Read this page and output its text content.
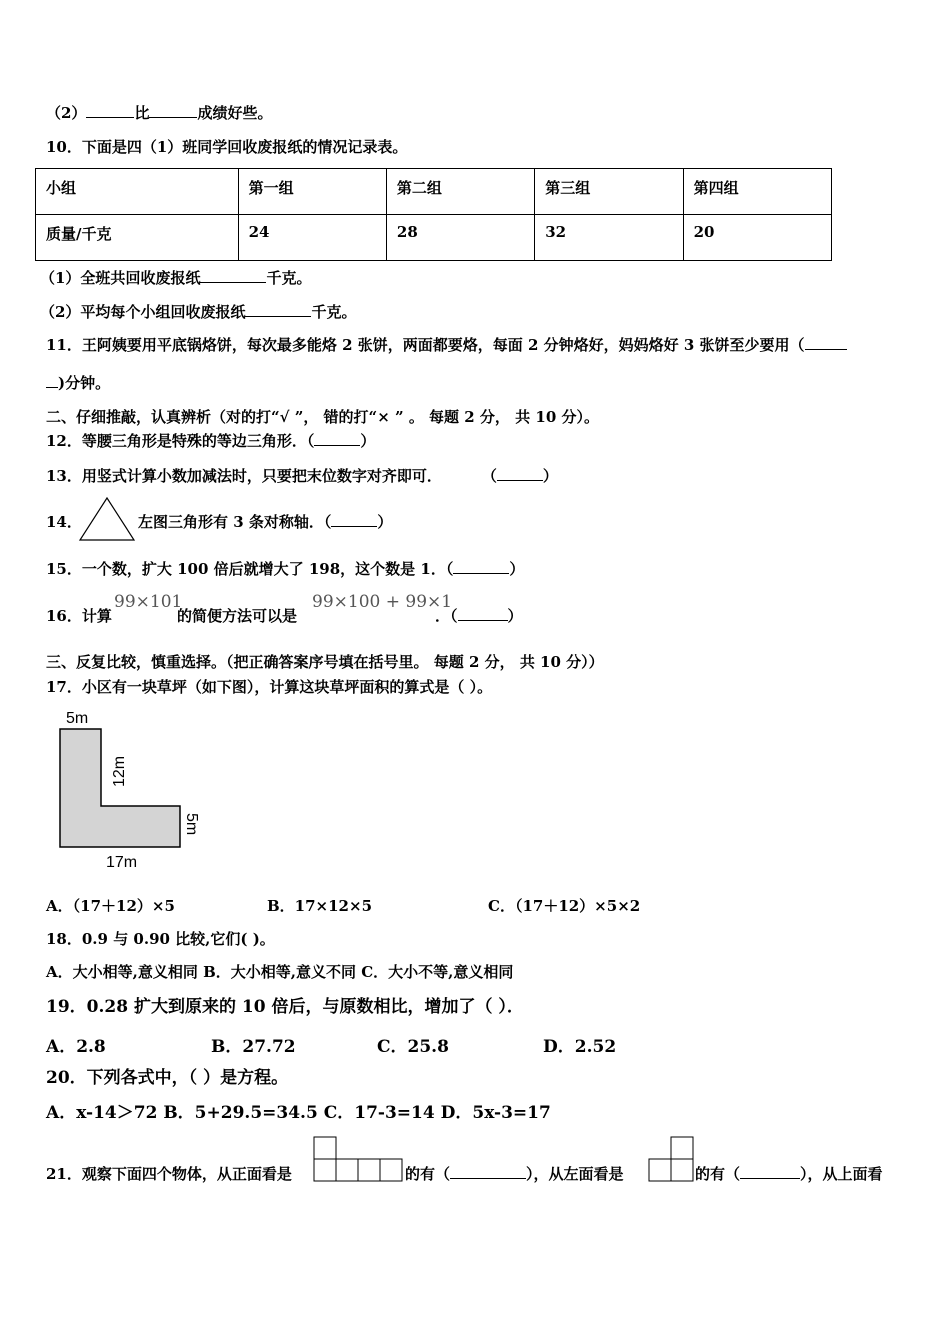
（2）	比	成绩好些。
10．下面是四（1）班同学回收废报纸的情况记录表。
小组	第一组	第二组	第三组	第四组
质量/千克	24	28	32	20
（1）全班共回收废报纸	千克。
（2）平均每个小组回收废报纸	千克。
11．王阿姨要用平底锅烙饼，每次最多能烙 2 张饼，两面都要烙，每面 2 分钟烙好，妈妈烙好 3 张饼至少要用（
)分钟。
二、仔细推敲，认真辨析（对的打“√ ”， 错的打“× ” 。 每题 2 分， 共 10 分）。
12．等腰三角形是特殊的等边三角形．（	）
13．用竖式计算小数加减法时，只要把末位数字对齐即可．	（	）
14．	左图三角形有 3 条对称轴．（	）
15．一个数，扩大 100 倍后就增大了 198，这个数是 1．（	）
16．计算
99×101
的简便方法可以是
99×100 + 99×1
．（	）
三、反复比较，慎重选择。（把正确答案序号填在括号里。 每题 2 分， 共 10 分））
17．小区有一块草坪（如下图），计算这块草坪面积的算式是（ ）。
5m
12m
5m
17m
A．（17＋12）×5	B．17×12×5	C．（17＋12）×5×2
18．0.9 与 0.90 比较,它们( )。
A．大小相等,意义相同 B．大小相等,意义不同 C．大小不等,意义相同
19．0.28 扩大到原来的 10 倍后，与原数相比，增加了（ ）．
A．2.8	B．27.72	C．25.8	D．2.52
20．下列各式中，（ ）是方程。
A．x-14＞72 B．5+29.5=34.5 C．17-3=14 D．5x-3=17
21．观察下面四个物体，从正面看是	的有（	），从左面看是	的有（	），从上面看
